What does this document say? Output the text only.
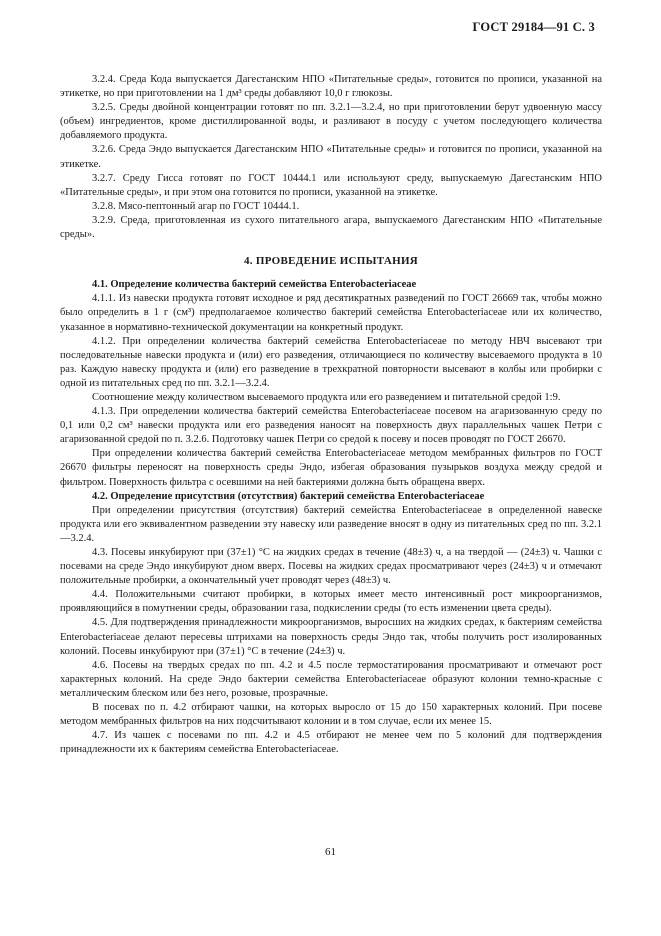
ГОСТ 29184—91 С. 3

3.2.4. Среда Кода выпускается Дагестанским НПО «Питательные среды», готовится по прописи, указанной на этикетке, но при приготовлении на 1 дм³ среды добавляют 10,0 г глюкозы.

3.2.5. Среды двойной концентрации готовят по пп. 3.2.1—3.2.4, но при приготовлении берут удвоенную массу (объем) ингредиентов, кроме дистиллированной воды, и разливают в посуду с учетом последующего количества добавляемого продукта.

3.2.6. Среда Эндо выпускается Дагестанским НПО «Питательные среды» и готовится по прописи, указанной на этикетке.

3.2.7. Среду Гисса готовят по ГОСТ 10444.1 или используют среду, выпускаемую Дагестанским НПО «Питательные среды», и при этом она готовится по прописи, указанной на этикетке.

3.2.8. Мясо-пептонный агар по ГОСТ 10444.1.

3.2.9. Среда, приготовленная из сухого питательного агара, выпускаемого Дагестанским НПО «Питательные среды».

4. ПРОВЕДЕНИЕ ИСПЫТАНИЯ

4.1. Определение количества бактерий семейства Enterobacteriaceae

4.1.1. Из навески продукта готовят исходное и ряд десятикратных разведений по ГОСТ 26669 так, чтобы можно было определить в 1 г (см³) предполагаемое количество бактерий семейства Enterobacteriaceae или их количество, указанное в нормативно-технической документации на конкретный продукт.

4.1.2. При определении количества бактерий семейства Enterobacteriaceae по методу НВЧ высевают три последовательные навески продукта и (или) его разведения, отличающиеся по количеству высеваемого продукта в 10 раз. Каждую навеску продукта и (или) его разведение в трехкратной повторности высевают в колбы или пробирки с одной из питательных сред по пп. 3.2.1—3.2.4.

Соотношение между количеством высеваемого продукта или его разведением и питательной средой 1:9.

4.1.3. При определении количества бактерий семейства Enterobacteriaceae посевом на агаризованную среду по 0,1 или 0,2 см³ навески продукта или его разведения наносят на поверхность двух параллельных чашек Петри с агаризованной средой по п. 3.2.6. Подготовку чашек Петри со средой к посеву и посев проводят по ГОСТ 26670.

При определении количества бактерий семейства Enterobacteriaceae методом мембранных фильтров по ГОСТ 26670 фильтры переносят на поверхность среды Эндо, избегая образования пузырьков воздуха между средой и фильтром. Поверхность фильтра с осевшими на ней бактериями должна быть обращена вверх.

4.2. Определение присутствия (отсутствия) бактерий семейства Enterobacteriaceae

При определении присутствия (отсутствия) бактерий семейства Enterobacteriaceae в определенной навеске продукта или его эквивалентном разведении эту навеску или разведение вносят в одну из питательных сред по пп. 3.2.1—3.2.4.

4.3. Посевы инкубируют при (37±1) °С на жидких средах в течение (48±3) ч, а на твердой — (24±3) ч. Чашки с посевами на среде Эндо инкубируют дном вверх. Посевы на жидких средах просматривают через (24±3) ч и отмечают положительные пробирки, а окончательный учет проводят через (48±3) ч.

4.4. Положительными считают пробирки, в которых имеет место интенсивный рост микроорганизмов, проявляющийся в помутнении среды, образовании газа, подкислении среды (то есть изменении цвета среды).

4.5. Для подтверждения принадлежности микроорганизмов, выросших на жидких средах, к бактериям семейства Enterobacteriaceae делают пересевы штрихами на поверхность среды Эндо так, чтобы получить рост изолированных колоний. Посевы инкубируют при (37±1) °С в течение (24±3) ч.

4.6. Посевы на твердых средах по пп. 4.2 и 4.5 после термостатирования просматривают и отмечают рост характерных колоний. На среде Эндо бактерии семейства Enterobacteriaceae образуют колонии темно-красные с металлическим блеском или без него, розовые, прозрачные.

В посевах по п. 4.2 отбирают чашки, на которых выросло от 15 до 150 характерных колоний. При посеве методом мембранных фильтров на них подсчитывают колонии и в том случае, если их менее 15.

4.7. Из чашек с посевами по пп. 4.2 и 4.5 отбирают не менее чем по 5 колоний для подтверждения принадлежности их к бактериям семейства Enterobacteriaceae.

61
